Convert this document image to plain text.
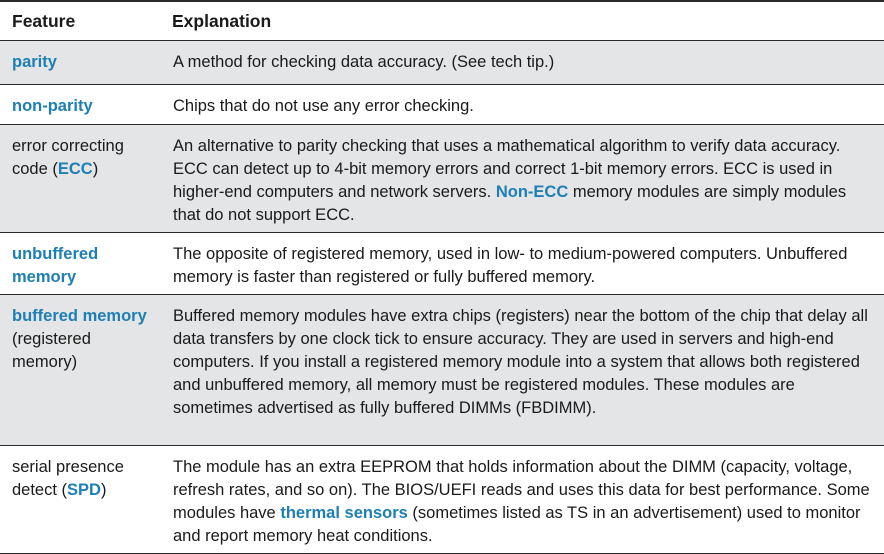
Feature	Explanation
parity	A method for checking data accuracy. (See tech tip.)
non-parity	Chips that do not use any error checking.
error correcting code (ECC)	An alternative to parity checking that uses a mathematical algorithm to verify data accuracy. ECC can detect up to 4-bit memory errors and correct 1-bit memory errors. ECC is used in higher-end computers and network servers. Non-ECC memory modules are simply modules that do not support ECC.
unbuffered memory	The opposite of registered memory, used in low- to medium-powered computers. Unbuffered memory is faster than registered or fully buffered memory.
buffered memory (registered memory)	Buffered memory modules have extra chips (registers) near the bottom of the chip that delay all data transfers by one clock tick to ensure accuracy. They are used in servers and high-end computers. If you install a registered memory module into a system that allows both registered and unbuffered memory, all memory must be registered modules. These modules are sometimes advertised as fully buffered DIMMs (FBDIMM).
serial presence detect (SPD)	The module has an extra EEPROM that holds information about the DIMM (capacity, voltage, refresh rates, and so on). The BIOS/UEFI reads and uses this data for best performance. Some modules have thermal sensors (sometimes listed as TS in an advertisement) used to monitor and report memory heat conditions.
